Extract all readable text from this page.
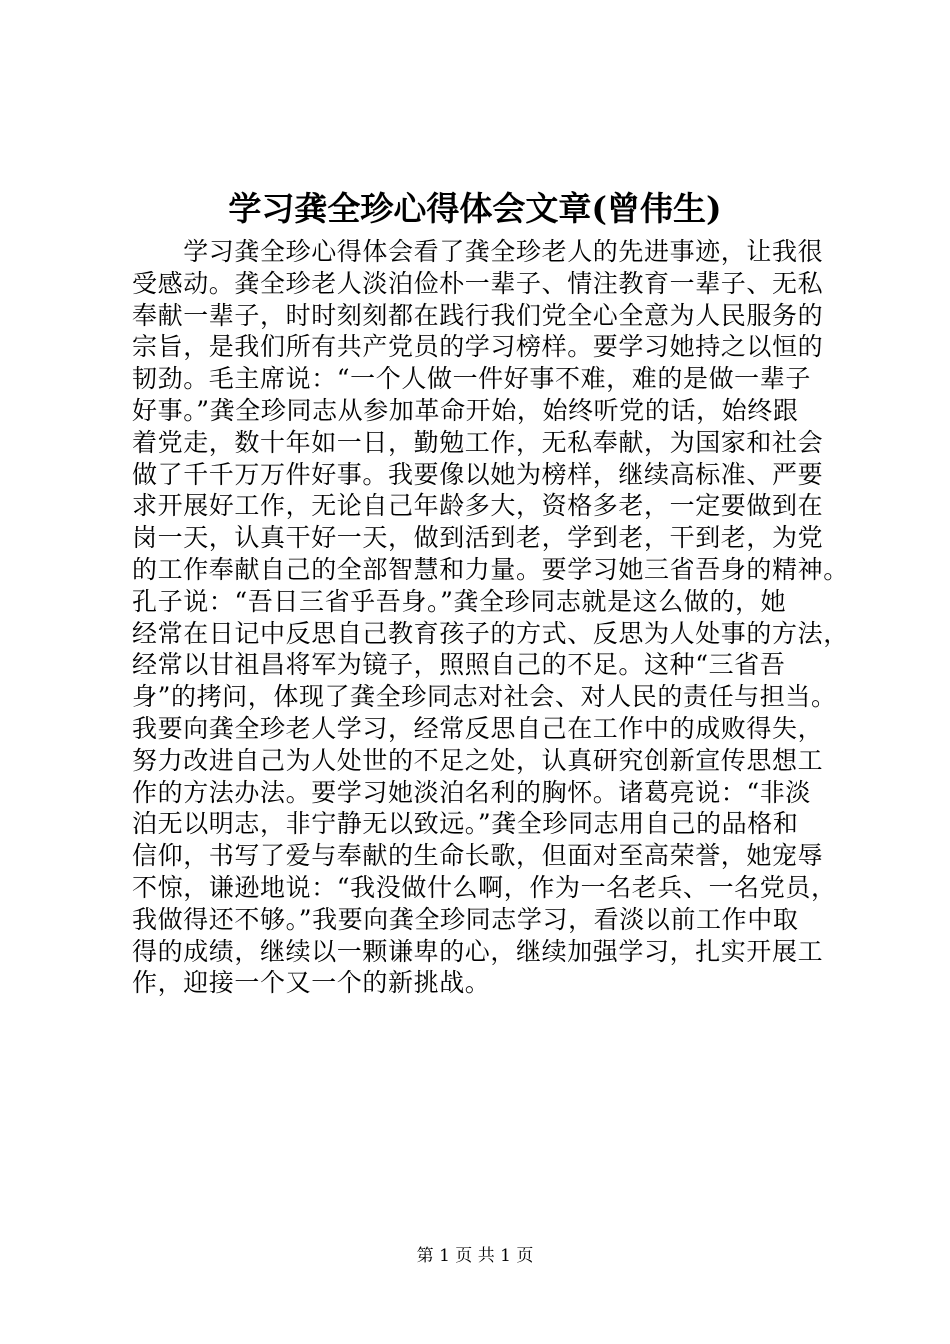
学习龚全珍心得体会文章(曾伟生)
　　学习龚全珍心得体会看了龚全珍老人的先进事迹，让我很
受感动。龚全珍老人淡泊俭朴一辈子、情注教育一辈子、无私
奉献一辈子，时时刻刻都在践行我们党全心全意为人民服务的
宗旨，是我们所有共产党员的学习榜样。要学习她持之以恒的
韧劲。毛主席说：“一个人做一件好事不难，难的是做一辈子
好事。”龚全珍同志从参加革命开始，始终听党的话，始终跟
着党走，数十年如一日，勤勉工作，无私奉献，为国家和社会
做了千千万万件好事。我要像以她为榜样，继续高标准、严要
求开展好工作，无论自己年龄多大，资格多老，一定要做到在
岗一天，认真干好一天，做到活到老，学到老，干到老，为党
的工作奉献自己的全部智慧和力量。要学习她三省吾身的精神。
孔子说：“吾日三省乎吾身。”龚全珍同志就是这么做的，她
经常在日记中反思自己教育孩子的方式、反思为人处事的方法，
经常以甘祖昌将军为镜子，照照自己的不足。这种“三省吾
身”的拷问，体现了龚全珍同志对社会、对人民的责任与担当。
我要向龚全珍老人学习，经常反思自己在工作中的成败得失，
努力改进自己为人处世的不足之处，认真研究创新宣传思想工
作的方法办法。要学习她淡泊名利的胸怀。诸葛亮说：“非淡
泊无以明志，非宁静无以致远。”龚全珍同志用自己的品格和
信仰，书写了爱与奉献的生命长歌，但面对至高荣誉，她宠辱
不惊，谦逊地说：“我没做什么啊，作为一名老兵、一名党员，
我做得还不够。”我要向龚全珍同志学习，看淡以前工作中取
得的成绩，继续以一颗谦卑的心，继续加强学习，扎实开展工
作，迎接一个又一个的新挑战。
第 1 页 共 1 页
